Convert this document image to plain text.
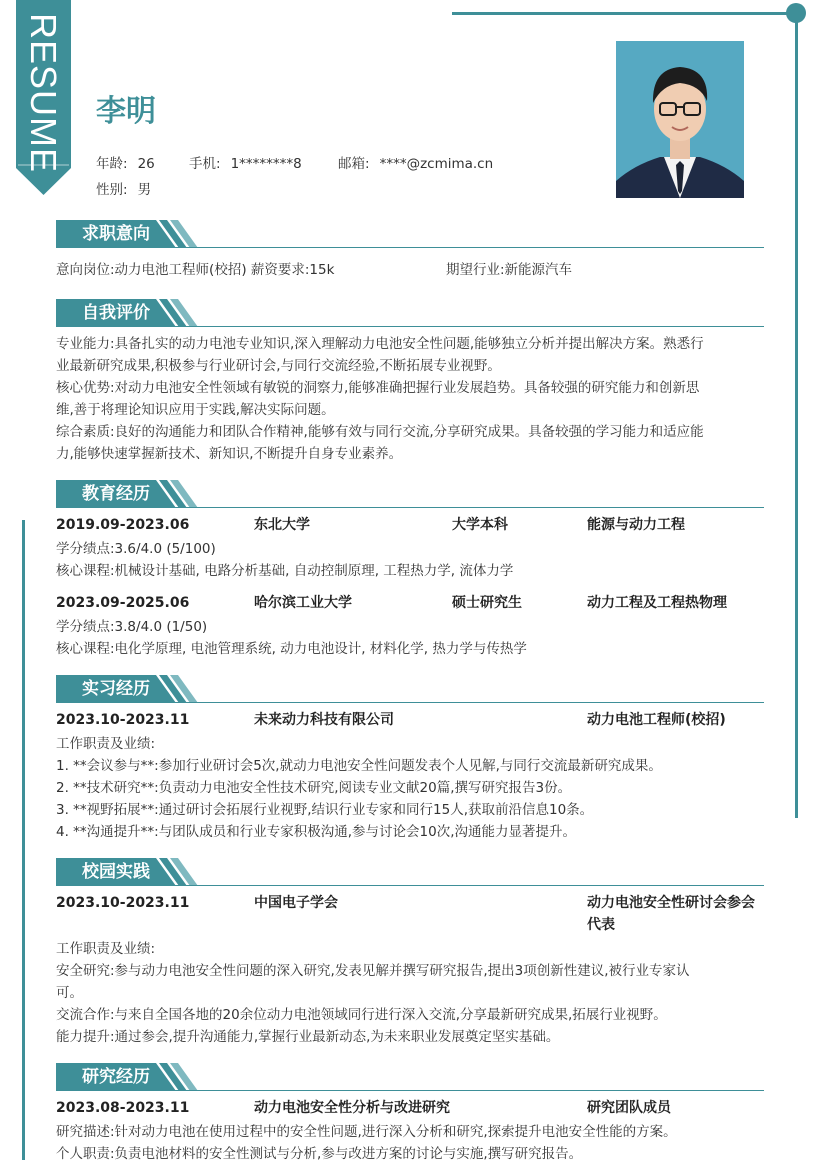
RESUME 李明
年龄: 26	手机: 1********8	邮箱: ****@zcmima.cn
性别: 男
求职意向
意向岗位:动力电池工程师(校招) 薪资要求:15k	期望行业:新能源汽车
自我评价
专业能力:具备扎实的动力电池专业知识,深入理解动力电池安全性问题,能够独立分析并提出解决方案。熟悉行
业最新研究成果,积极参与行业研讨会,与同行交流经验,不断拓展专业视野。
核心优势:对动力电池安全性领域有敏锐的洞察力,能够准确把握行业发展趋势。具备较强的研究能力和创新思
维,善于将理论知识应用于实践,解决实际问题。
综合素质:良好的沟通能力和团队合作精神,能够有效与同行交流,分享研究成果。具备较强的学习能力和适应能
力,能够快速掌握新技术、新知识,不断提升自身专业素养。
教育经历
2019.09-2023.06	东北大学	大学本科	能源与动力工程
学分绩点:3.6/4.0 (5/100)
核心课程:机械设计基础, 电路分析基础, 自动控制原理, 工程热力学, 流体力学
2023.09-2025.06	哈尔滨工业大学	硕士研究生	动力工程及工程热物理
学分绩点:3.8/4.0 (1/50)
核心课程:电化学原理, 电池管理系统, 动力电池设计, 材料化学, 热力学与传热学
实习经历
2023.10-2023.11	未来动力科技有限公司	动力电池工程师(校招)
工作职责及业绩:
1. **会议参与**:参加行业研讨会5次,就动力电池安全性问题发表个人见解,与同行交流最新研究成果。
2. **技术研究**:负责动力电池安全性技术研究,阅读专业文献20篇,撰写研究报告3份。
3. **视野拓展**:通过研讨会拓展行业视野,结识行业专家和同行15人,获取前沿信息10条。
4. **沟通提升**:与团队成员和行业专家积极沟通,参与讨论会10次,沟通能力显著提升。
校园实践
2023.10-2023.11	中国电子学会	动力电池安全性研讨会参会
代表
工作职责及业绩:
安全研究:参与动力电池安全性问题的深入研究,发表见解并撰写研究报告,提出3项创新性建议,被行业专家认
可。
交流合作:与来自全国各地的20余位动力电池领域同行进行深入交流,分享最新研究成果,拓展行业视野。
能力提升:通过参会,提升沟通能力,掌握行业最新动态,为未来职业发展奠定坚实基础。
研究经历
2023.08-2023.11	动力电池安全性分析与改进研究	研究团队成员
研究描述:针对动力电池在使用过程中的安全性问题,进行深入分析和研究,探索提升电池安全性能的方案。
个人职责:负责电池材料的安全性测试与分析,参与改进方案的讨论与实施,撰写研究报告。
